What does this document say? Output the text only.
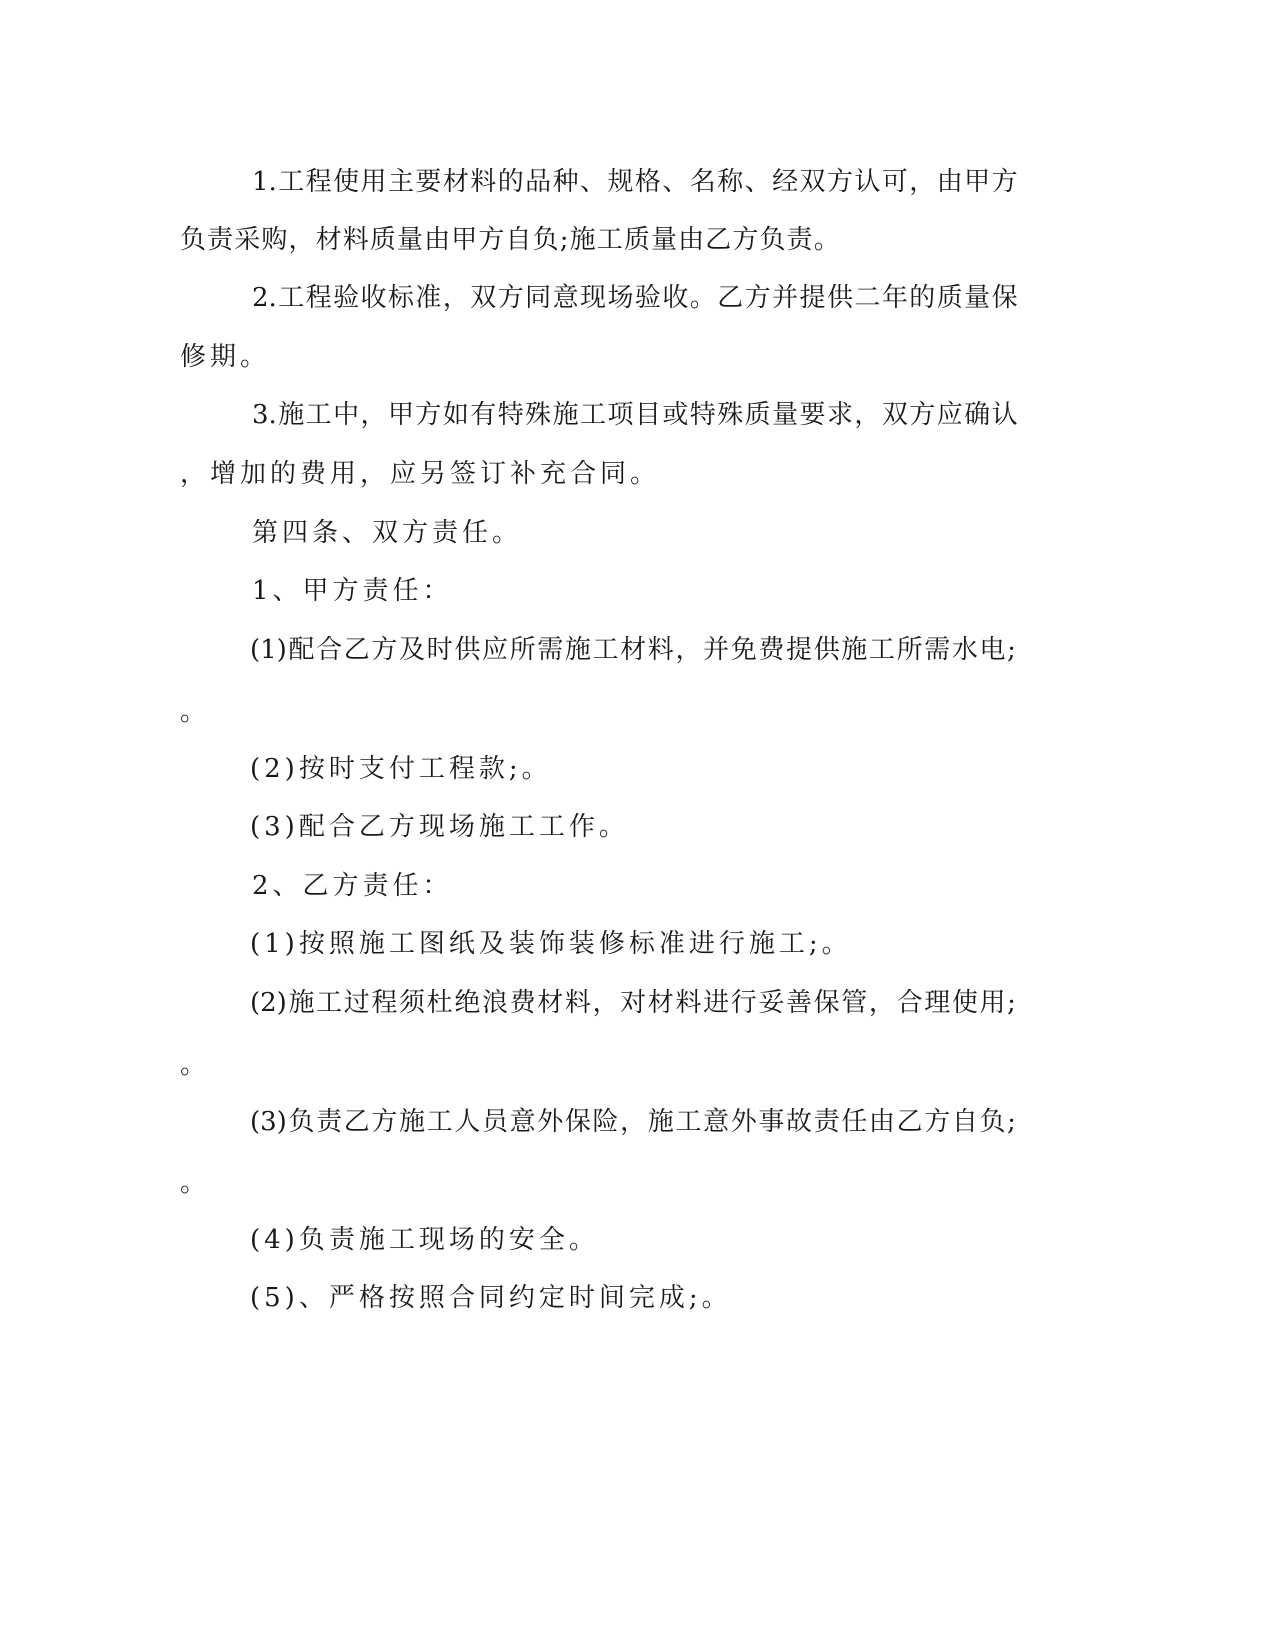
1. 工 程 使 用 主 要 材 料 的 品 种 、 规 格 、 名 称 、 经 双 方 认 可 ， 由 甲 方
负 责 采 购 ， 材 料 质 量 由 甲 方 自 负 ; 施 工 质 量 由 乙 方 负 责 。
2. 工 程 验 收 标 准 ， 双 方 同 意 现 场 验 收 。 乙 方 并 提 供 二 年 的 质 量 保
修期。
3. 施 工 中 ， 甲 方 如 有 特 殊 施 工 项 目 或 特 殊 质 量 要 求 ， 双 方 应 确 认
，增加的费用，应另签订补充合同。
第四条、双方责任。
1、甲方责任：
(1) 配 合 乙 方 及 时 供 应 所 需 施 工 材 料 ， 并 免 费 提 供 施 工 所 需 水 电 ;
。
(2)按时支付工程款;。
(3)配合乙方现场施工工作。
2、乙方责任：
(1)按照施工图纸及装饰装修标准进行施工;。
(2) 施 工 过 程 须 杜 绝 浪 费 材 料 ， 对 材 料 进 行 妥 善 保 管 ， 合 理 使 用 ;
。
(3) 负 责 乙 方 施 工 人 员 意 外 保 险 ， 施 工 意 外 事 故 责 任 由 乙 方 自 负 ;
。
(4)负责施工现场的安全。
(5)、严格按照合同约定时间完成;。
